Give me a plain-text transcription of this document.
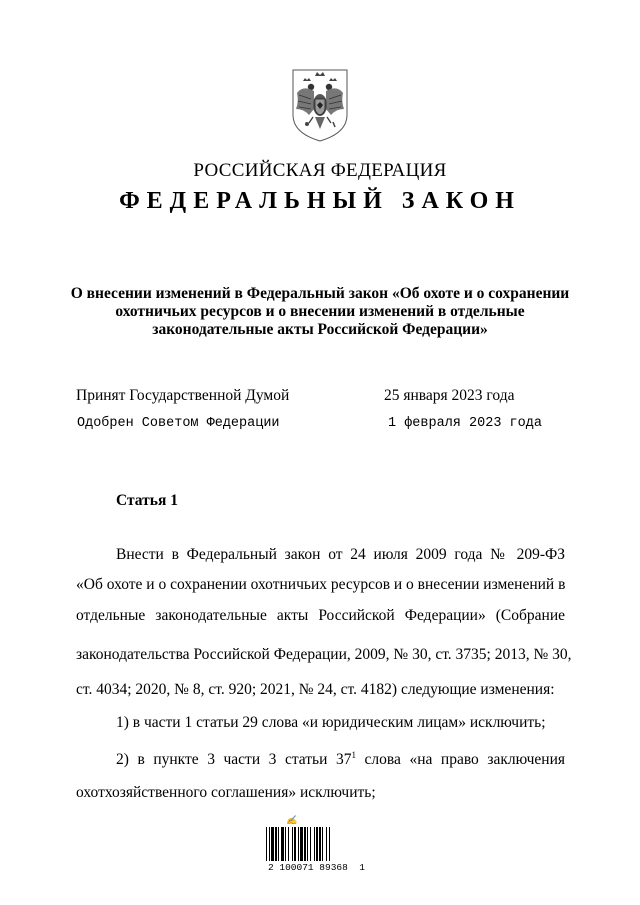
РОССИЙСКАЯ ФЕДЕРАЦИЯ
ФЕДЕРАЛЬНЫЙ ЗАКОН
О внесении изменений в Федеральный закон «Об охоте и о сохранении
охотничьих ресурсов и о внесении изменений в отдельные
законодательные акты Российской Федерации»
Принят Государственной Думой	25 января 2023 года
Одобрен Советом Федерации	1 февраля 2023 года
Статья 1
Внести в Федеральный закон от 24 июля 2009 года № 209-ФЗ
«Об охоте и о сохранении охотничьих ресурсов и о внесении изменений в
отдельные законодательные акты Российской Федерации» (Собрание
законодательства Российской Федерации, 2009, № 30, ст. 3735; 2013, № 30,
ст. 4034; 2020, № 8, ст. 920; 2021, № 24, ст. 4182) следующие изменения:
1) в части 1 статьи 29 слова «и юридическим лицам» исключить;
2) в пункте 3 части 3 статьи $37^1$ слова «на право заключения
охотхозяйственного соглашения» исключить;
✍
2 100071 89368  1
